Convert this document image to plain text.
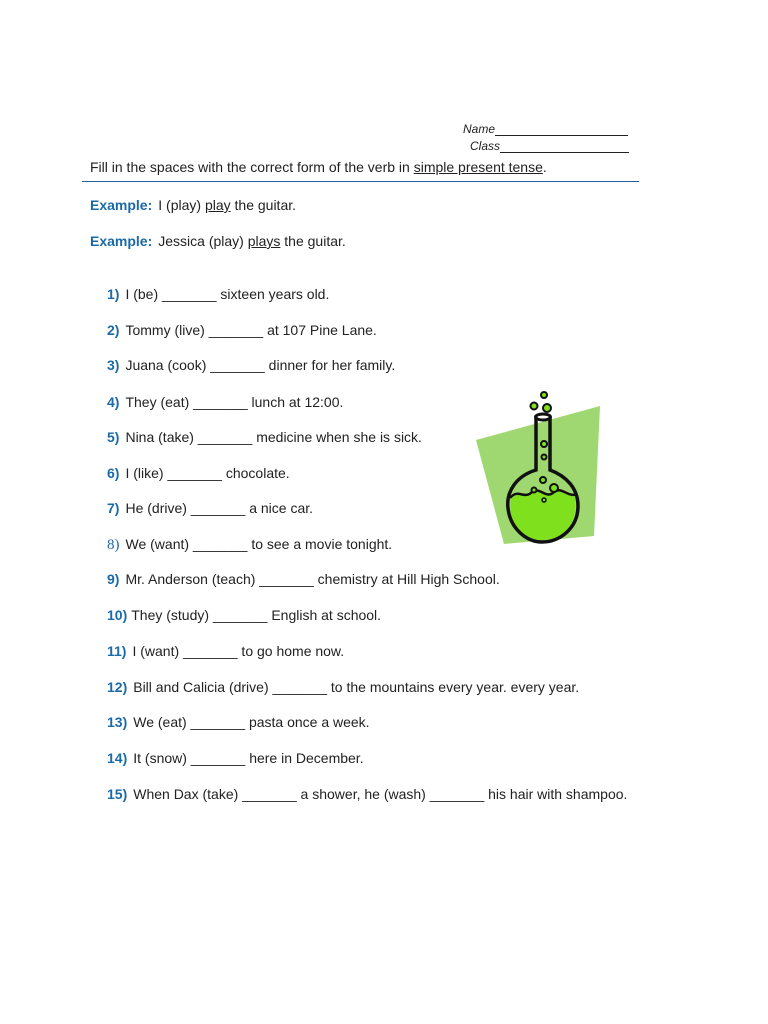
Name
Class
Fill in the spaces with the correct form of the verb in simple present tense.
Example: I (play) play the guitar.
Example: Jessica (play) plays the guitar.
1) I (be) _______ sixteen years old.
2) Tommy (live) _______ at 107 Pine Lane.
3) Juana (cook) _______ dinner for her family.
4) They (eat) _______ lunch at 12:00.
5) Nina (take) _______ medicine when she is sick.
6) I (like) _______ chocolate.
7) He (drive) _______ a nice car.
8) We (want) _______ to see a movie tonight.
9) Mr. Anderson (teach) _______ chemistry at Hill High School.
10) They (study) _______ English at school.
11) I (want) _______ to go home now.
12) Bill and Calicia (drive) _______ to the mountains every year. every year.
13) We (eat) _______ pasta once a week.
14) It (snow) _______ here in December.
15) When Dax (take) _______ a shower, he (wash) _______ his hair with shampoo.
